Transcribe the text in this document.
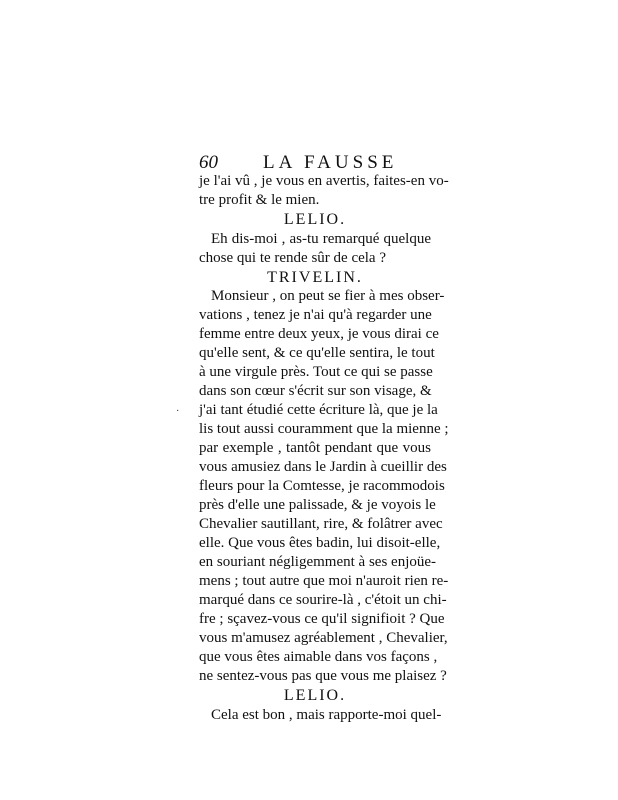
60 LA FAUSSE
je l'ai vû , je vous en avertis, faites-en vo-
tre profit & le mien.
LELIO.
Eh dis-moi , as-tu remarqué quelque
chose qui te rende sûr de cela ?
TRIVELIN.
Monsieur , on peut se fier à mes obser-
vations , tenez je n'ai qu'à regarder une
femme entre deux yeux, je vous dirai ce
qu'elle sent, & ce qu'elle sentira, le tout
à une virgule près. Tout ce qui se passe
dans son cœur s'écrit sur son visage, &
j'ai tant étudié cette écriture là, que je la
lis tout aussi couramment que la mienne ;
par exemple , tantôt pendant que vous
vous amusiez dans le Jardin à cueillir des
fleurs pour la Comtesse, je racommodois
près d'elle une palissade, & je voyois le
Chevalier sautillant, rire, & folâtrer avec
elle. Que vous êtes badin, lui disoit-elle,
en souriant négligemment à ses enjoüe-
mens ; tout autre que moi n'auroit rien re-
marqué dans ce sourire-là , c'étoit un chi-
fre ; sçavez-vous ce qu'il signifioit ? Que
vous m'amusez agréablement , Chevalier,
que vous êtes aimable dans vos façons ,
ne sentez-vous pas que vous me plaisez ?
LELIO.
Cela est bon , mais rapporte-moi quel-
·
